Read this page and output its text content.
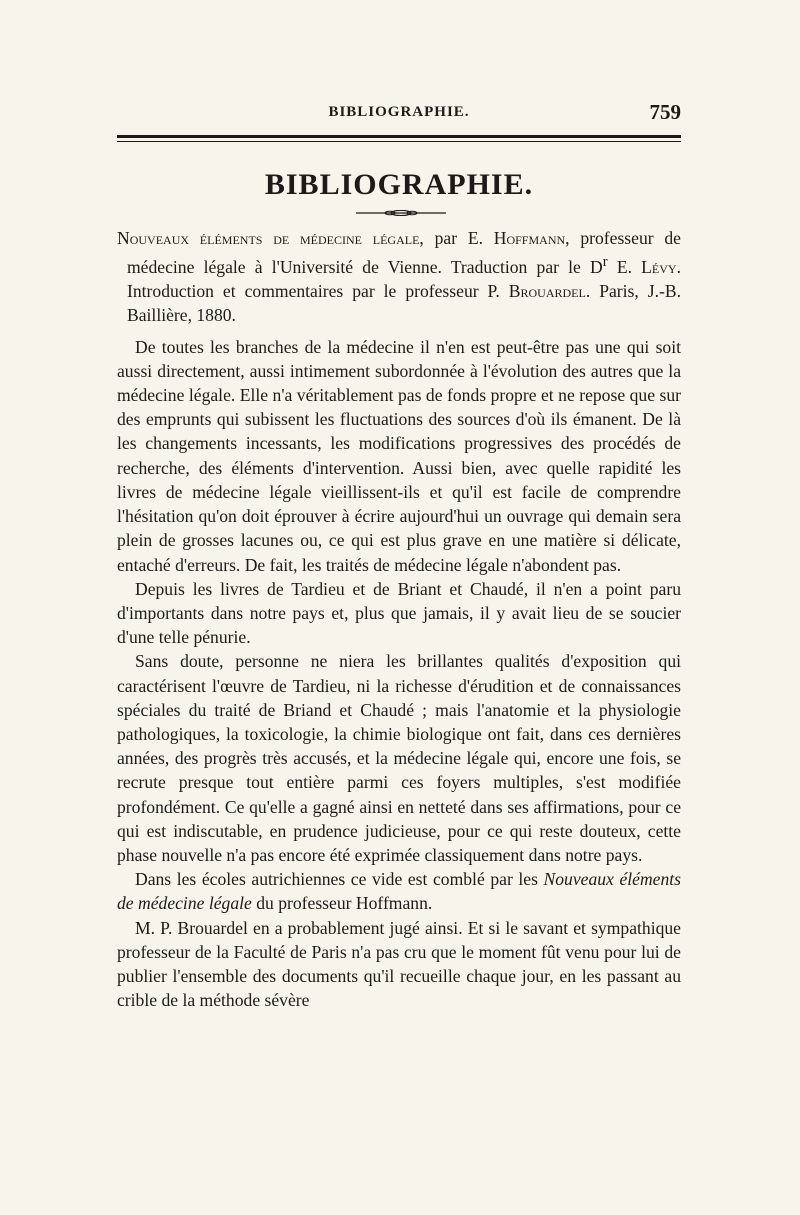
BIBLIOGRAPHIE.	759
BIBLIOGRAPHIE.

Nouveaux éléments de médecine légale, par E. Hoffmann, professeur de médecine légale à l'Université de Vienne. Traduction par le $D^r$ E. Lévy. Introduction et commentaires par le professeur P. Brouardel. Paris, J.-B. Baillière, 1880.

De toutes les branches de la médecine il n'en est peut-être pas une qui soit aussi directement, aussi intimement subordonnée à l'évolution des autres que la médecine légale. Elle n'a véritablement pas de fonds propre et ne repose que sur des emprunts qui subissent les fluctuations des sources d'où ils émanent. De là les changements incessants, les modifications progressives des procédés de recherche, des éléments d'intervention. Aussi bien, avec quelle rapidité les livres de médecine légale vieillissent-ils et qu'il est facile de comprendre l'hésitation qu'on doit éprouver à écrire aujourd'hui un ouvrage qui demain sera plein de grosses lacunes ou, ce qui est plus grave en une matière si délicate, entaché d'erreurs. De fait, les traités de médecine légale n'abondent pas.

Depuis les livres de Tardieu et de Briant et Chaudé, il n'en a point paru d'importants dans notre pays et, plus que jamais, il y avait lieu de se soucier d'une telle pénurie.

Sans doute, personne ne niera les brillantes qualités d'exposition qui caractérisent l'œuvre de Tardieu, ni la richesse d'érudition et de connaissances spéciales du traité de Briand et Chaudé ; mais l'anatomie et la physiologie pathologiques, la toxicologie, la chimie biologique ont fait, dans ces dernières années, des progrès très accusés, et la médecine légale qui, encore une fois, se recrute presque tout entière parmi ces foyers multiples, s'est modifiée profondément. Ce qu'elle a gagné ainsi en netteté dans ses affirmations, pour ce qui est indiscutable, en prudence judicieuse, pour ce qui reste douteux, cette phase nouvelle n'a pas encore été exprimée classiquement dans notre pays.

Dans les écoles autrichiennes ce vide est comblé par les Nouveaux éléments de médecine légale du professeur Hoffmann.

M. P. Brouardel en a probablement jugé ainsi. Et si le savant et sympathique professeur de la Faculté de Paris n'a pas cru que le moment fût venu pour lui de publier l'ensemble des documents qu'il recueille chaque jour, en les passant au crible de la méthode sévère
